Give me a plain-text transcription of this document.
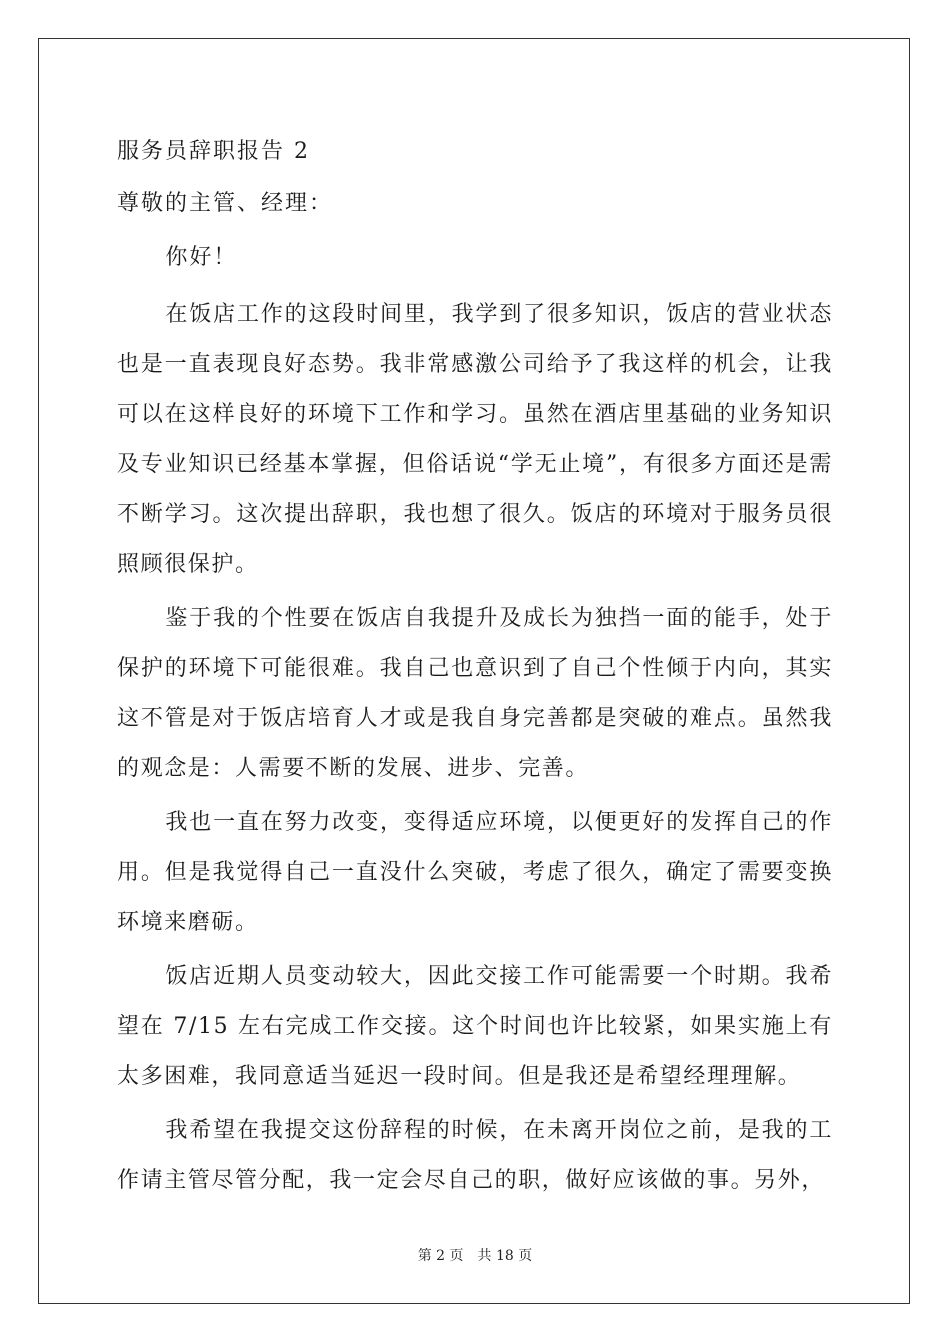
服务员辞职报告 2

尊敬的主管、经理：

你好！

在饭店工作的这段时间里，我学到了很多知识，饭店的营业状态也是一直表现良好态势。我非常感激公司给予了我这样的机会，让我可以在这样良好的环境下工作和学习。虽然在酒店里基础的业务知识及专业知识已经基本掌握，但俗话说“学无止境”，有很多方面还是需不断学习。这次提出辞职，我也想了很久。饭店的环境对于服务员很照顾很保护。

鉴于我的个性要在饭店自我提升及成长为独挡一面的能手，处于保护的环境下可能很难。我自己也意识到了自己个性倾于内向，其实这不管是对于饭店培育人才或是我自身完善都是突破的难点。虽然我的观念是：人需要不断的发展、进步、完善。

我也一直在努力改变，变得适应环境，以便更好的发挥自己的作用。但是我觉得自己一直没什么突破，考虑了很久，确定了需要变换环境来磨砺。

饭店近期人员变动较大，因此交接工作可能需要一个时期。我希望在 7/15 左右完成工作交接。这个时间也许比较紧，如果实施上有太多困难，我同意适当延迟一段时间。但是我还是希望经理理解。

我希望在我提交这份辞程的时候，在未离开岗位之前，是我的工作请主管尽管分配，我一定会尽自己的职，做好应该做的事。另外，

第 2 页　共 18 页
